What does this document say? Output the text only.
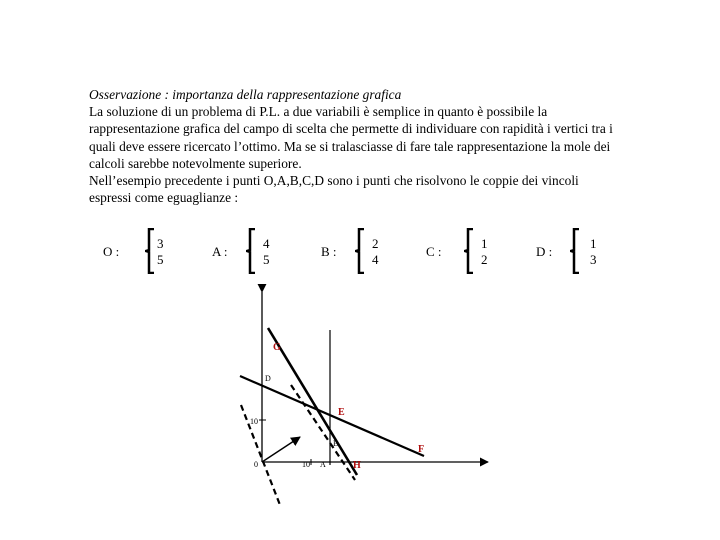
Osservazione : importanza della rappresentazione grafica

La soluzione di un problema di P.L. a due variabili è semplice in quanto è possibile la

rappresentazione grafica del campo di scelta che permette di individuare con rapidità i vertici tra i

quali deve essere ricercato l’ottimo. Ma se si tralasciasse di fare tale rappresentazione la mole dei

calcoli sarebbe notevolmente superiore.

Nell’esempio precedente i punti O,A,B,C,D sono i punti che risolvono le coppie dei vincoli

espressi come eguaglianze :

O :
3
5
A :
4
5
B :
2
4
C :
1
2
D :
1
3
0	10
10
A
B
D
G
E
F
H
